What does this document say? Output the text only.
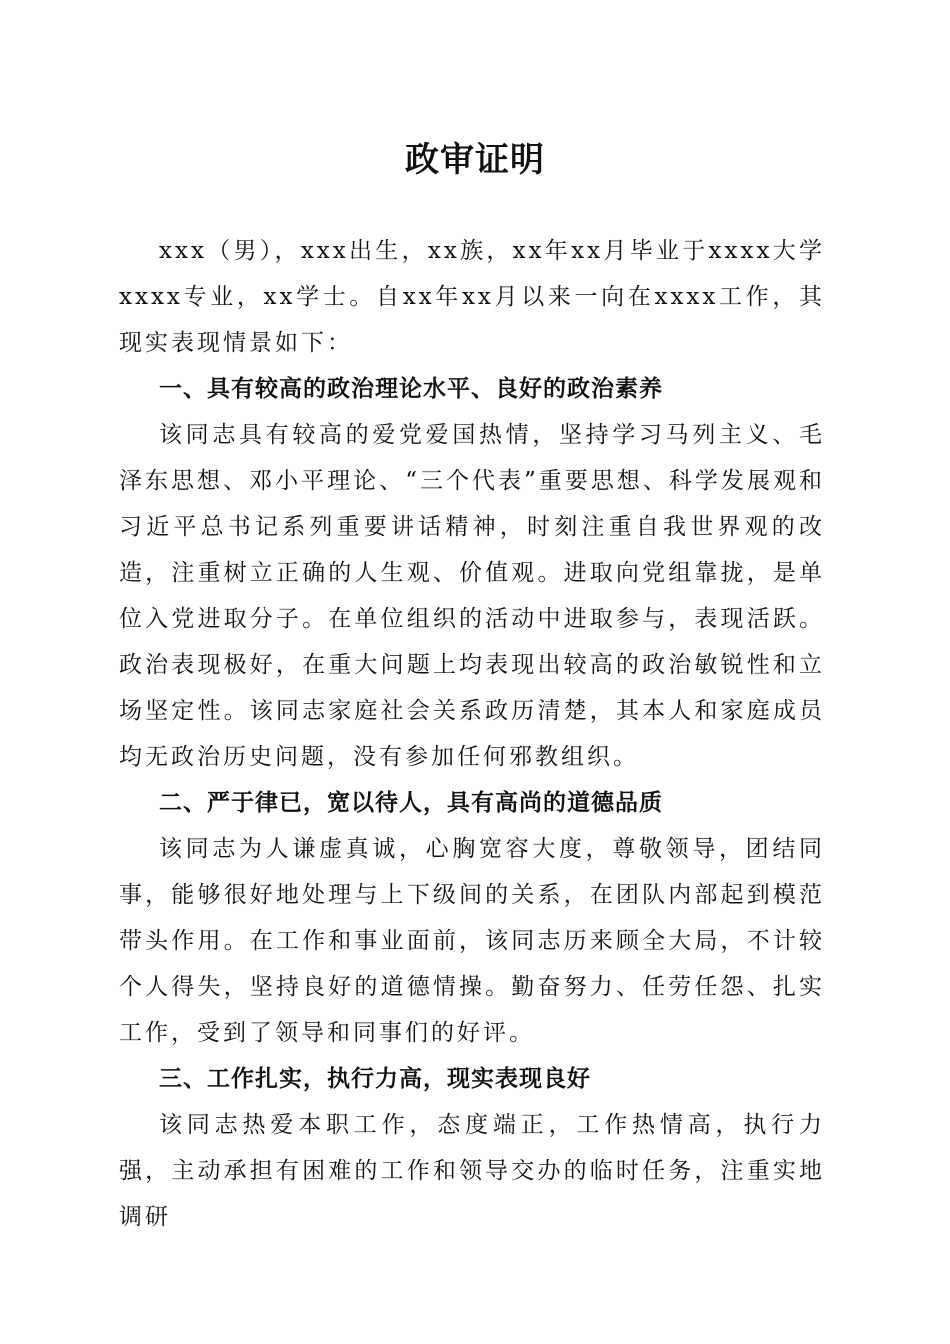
政审证明

xxx（男），xxx出生，xx族，xx年xx月毕业于xxxx大学xxxx专业，xx学士。自xx年xx月以来一向在xxxx工作，其现实表现情景如下：

一、具有较高的政治理论水平、良好的政治素养

该同志具有较高的爱党爱国热情，坚持学习马列主义、毛泽东思想、邓小平理论、“三个代表”重要思想、科学发展观和习近平总书记系列重要讲话精神，时刻注重自我世界观的改造，注重树立正确的人生观、价值观。进取向党组靠拢，是单位入党进取分子。在单位组织的活动中进取参与，表现活跃。政治表现极好，在重大问题上均表现出较高的政治敏锐性和立场坚定性。该同志家庭社会关系政历清楚，其本人和家庭成员均无政治历史问题，没有参加任何邪教组织。

二、严于律已，宽以待人，具有高尚的道德品质

该同志为人谦虚真诚，心胸宽容大度，尊敬领导，团结同事，能够很好地处理与上下级间的关系，在团队内部起到模范带头作用。在工作和事业面前，该同志历来顾全大局，不计较个人得失，坚持良好的道德情操。勤奋努力、任劳任怨、扎实工作，受到了领导和同事们的好评。

三、工作扎实，执行力高，现实表现良好

该同志热爱本职工作，态度端正，工作热情高，执行力强，主动承担有困难的工作和领导交办的临时任务，注重实地调研
